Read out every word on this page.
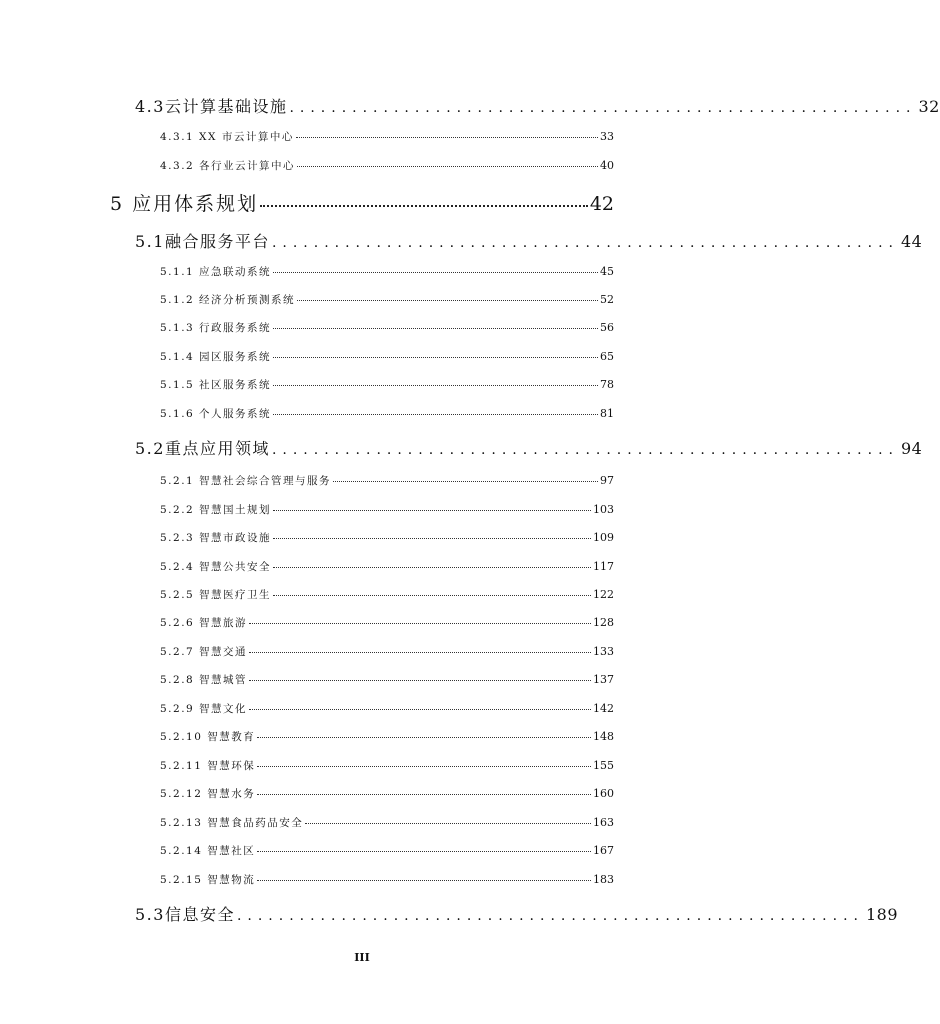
4.3云计算基础设施 ............................................................ 32
4.3.1 XX 市云计算中心	33
4.3.2 各行业云计算中心	40
5 应用体系规划	42
5.1融合服务平台 ............................................................ 44
5.1.1 应急联动系统	45
5.1.2 经济分析预测系统	52
5.1.3 行政服务系统	56
5.1.4 园区服务系统	65
5.1.5 社区服务系统	78
5.1.6 个人服务系统	81
5.2重点应用领域 ............................................................ 94
5.2.1 智慧社会综合管理与服务	97
5.2.2 智慧国土规划	103
5.2.3 智慧市政设施	109
5.2.4 智慧公共安全	117
5.2.5 智慧医疗卫生	122
5.2.6 智慧旅游	128
5.2.7 智慧交通	133
5.2.8 智慧城管	137
5.2.9 智慧文化	142
5.2.10 智慧教育	148
5.2.11 智慧环保	155
5.2.12 智慧水务	160
5.2.13 智慧食品药品安全	163
5.2.14 智慧社区	167
5.2.15 智慧物流	183
5.3信息安全 ............................................................ 189
III
